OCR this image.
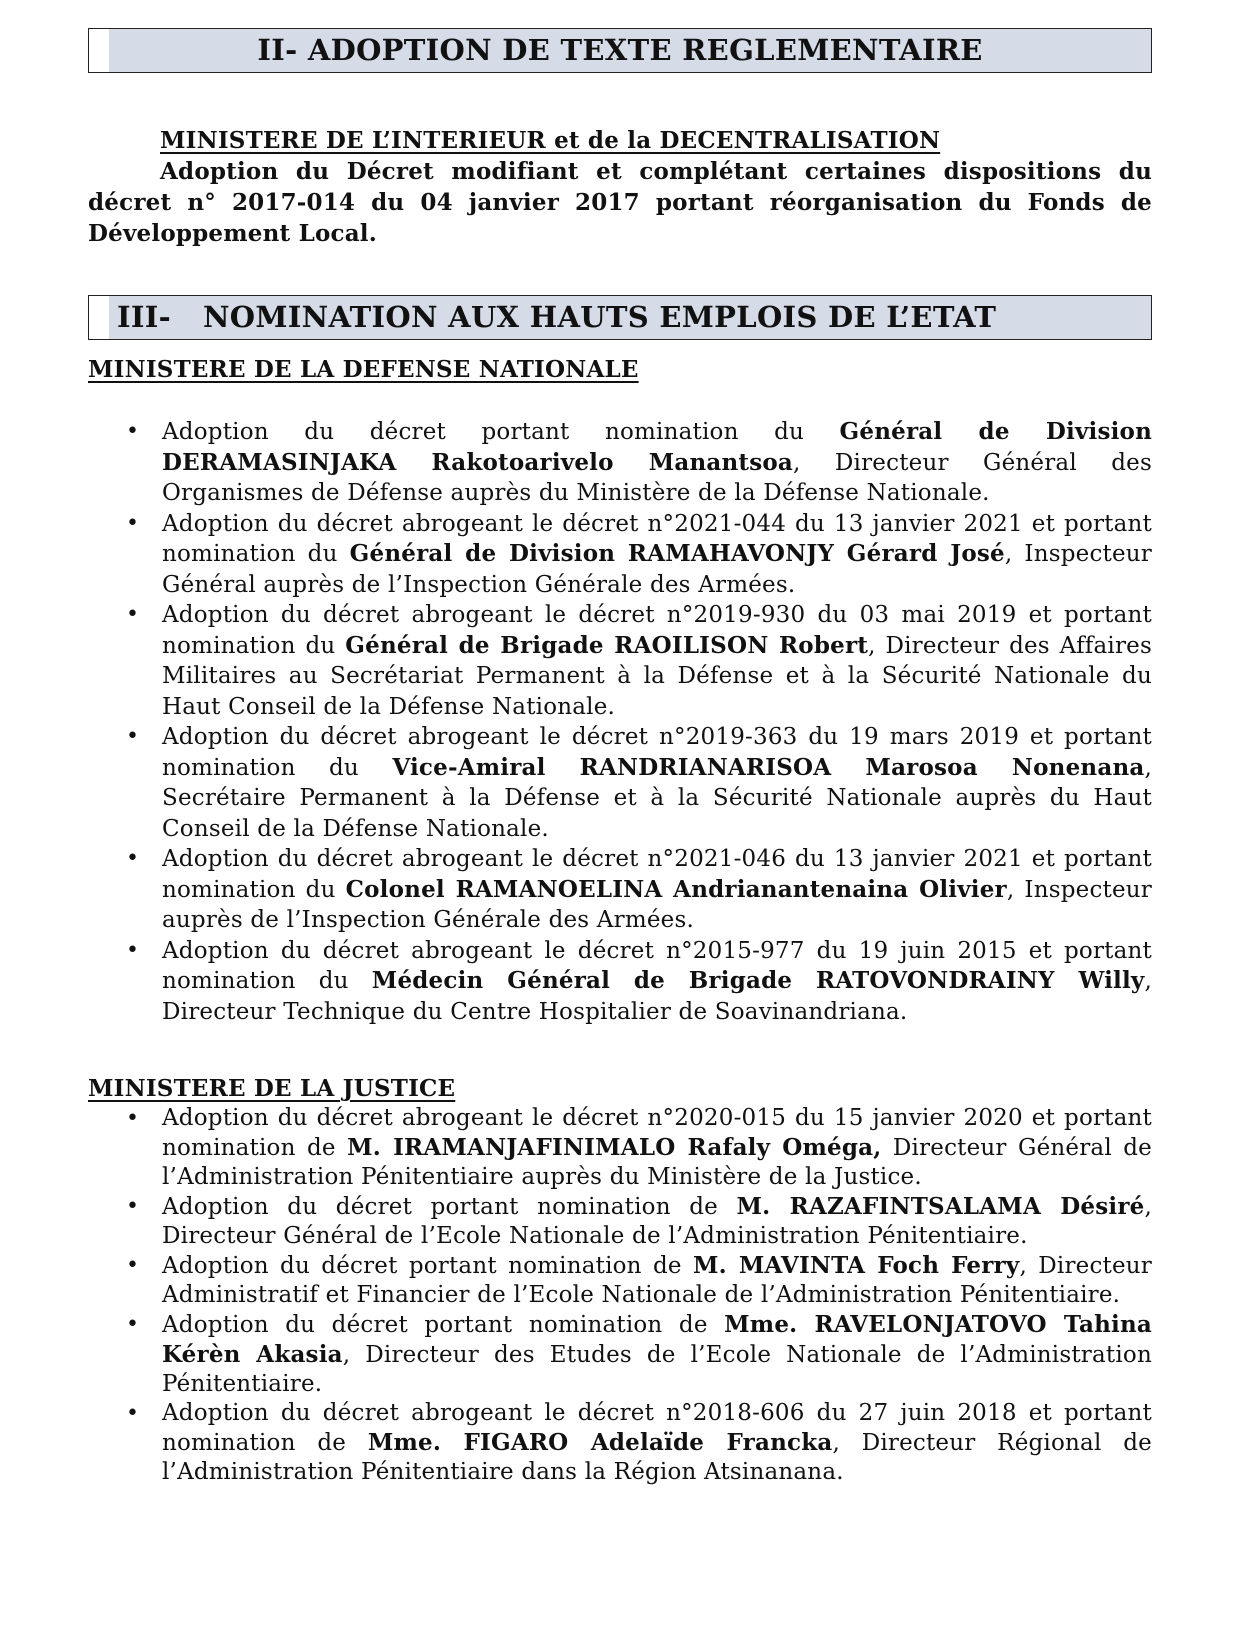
II- ADOPTION DE TEXTE REGLEMENTAIRE
MINISTERE DE L’INTERIEUR et de la DECENTRALISATION
Adoption du Décret modifiant et complétant certaines dispositions du décret n° 2017-014 du 04 janvier 2017 portant réorganisation du Fonds de Développement Local.
III- NOMINATION AUX HAUTS EMPLOIS DE L’ETAT
MINISTERE DE LA DEFENSE NATIONALE
• Adoption du décret portant nomination du Général de Division DERAMASINJAKA Rakotoarivelo Manantsoa, Directeur Général des Organismes de Défense auprès du Ministère de la Défense Nationale.
• Adoption du décret abrogeant le décret n°2021-044 du 13 janvier 2021 et portant nomination du Général de Division RAMAHAVONJY Gérard José, Inspecteur Général auprès de l’Inspection Générale des Armées.
• Adoption du décret abrogeant le décret n°2019-930 du 03 mai 2019 et portant nomination du Général de Brigade RAOILISON Robert, Directeur des Affaires Militaires au Secrétariat Permanent à la Défense et à la Sécurité Nationale du Haut Conseil de la Défense Nationale.
• Adoption du décret abrogeant le décret n°2019-363 du 19 mars 2019 et portant nomination du Vice-Amiral RANDRIANARISOA Marosoa Nonenana, Secrétaire Permanent à la Défense et à la Sécurité Nationale auprès du Haut Conseil de la Défense Nationale.
• Adoption du décret abrogeant le décret n°2021-046 du 13 janvier 2021 et portant nomination du Colonel RAMANOELINA Andrianantenaina Olivier, Inspecteur auprès de l’Inspection Générale des Armées.
• Adoption du décret abrogeant le décret n°2015-977 du 19 juin 2015 et portant nomination du Médecin Général de Brigade RATOVONDRAINY Willy, Directeur Technique du Centre Hospitalier de Soavinandriana.
MINISTERE DE LA JUSTICE
• Adoption du décret abrogeant le décret n°2020-015 du 15 janvier 2020 et portant nomination de M. IRAMANJAFINIMALO Rafaly Oméga, Directeur Général de l’Administration Pénitentiaire auprès du Ministère de la Justice.
• Adoption du décret portant nomination de M. RAZAFINTSALAMA Désiré, Directeur Général de l’Ecole Nationale de l’Administration Pénitentiaire.
• Adoption du décret portant nomination de M. MAVINTA Foch Ferry, Directeur Administratif et Financier de l’Ecole Nationale de l’Administration Pénitentiaire.
• Adoption du décret portant nomination de Mme. RAVELONJATOVO Tahina Kérèn Akasia, Directeur des Etudes de l’Ecole Nationale de l’Administration Pénitentiaire.
• Adoption du décret abrogeant le décret n°2018-606 du 27 juin 2018 et portant nomination de Mme. FIGARO Adelaïde Francka, Directeur Régional de l’Administration Pénitentiaire dans la Région Atsinanana.
